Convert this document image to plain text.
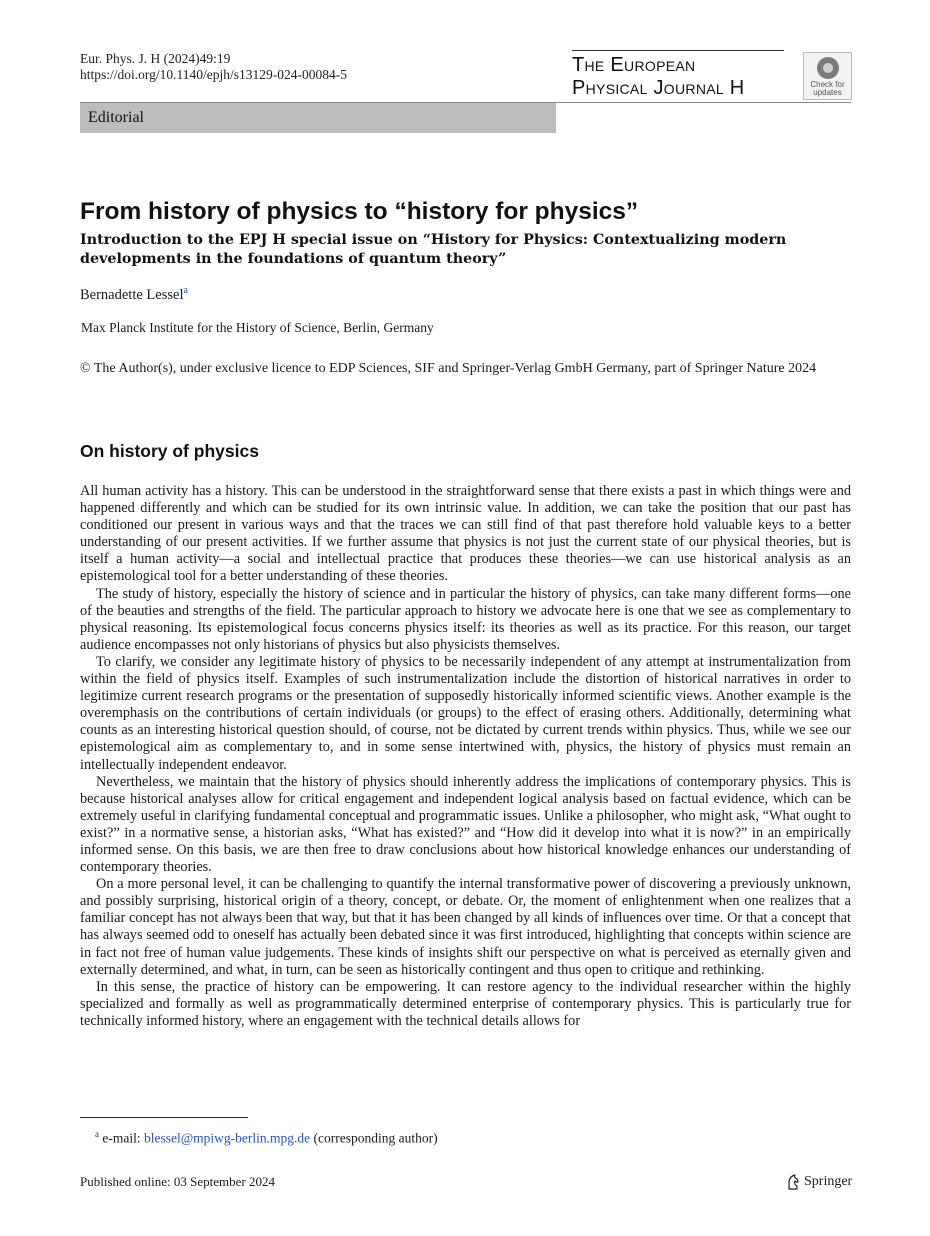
Eur. Phys. J. H (2024)49:19
https://doi.org/10.1140/epjh/s13129-024-00084-5	The European
Physical Journal H	Check for
updates
Editorial
From history of physics to “history for physics”
Introduction to the EPJ H special issue on “History for Physics: Contextualizing modern developments in the foundations of quantum theory”
Bernadette Lessel$^a$
Max Planck Institute for the History of Science, Berlin, Germany
© The Author(s), under exclusive licence to EDP Sciences, SIF and Springer-Verlag GmbH Germany, part of Springer Nature 2024
On history of physics

All human activity has a history. This can be understood in the straightforward sense that there exists a past in which things were and happened differently and which can be studied for its own intrinsic value. In addition, we can take the position that our past has conditioned our present in various ways and that the traces we can still find of that past therefore hold valuable keys to a better understanding of our present activities. If we further assume that physics is not just the current state of our physical theories, but is itself a human activity—a social and intellectual practice that produces these theories—we can use historical analysis as an epistemological tool for a better understanding of these theories.

The study of history, especially the history of science and in particular the history of physics, can take many different forms—one of the beauties and strengths of the field. The particular approach to history we advocate here is one that we see as complementary to physical reasoning. Its epistemological focus concerns physics itself: its theories as well as its practice. For this reason, our target audience encompasses not only historians of physics but also physicists themselves.

To clarify, we consider any legitimate history of physics to be necessarily independent of any attempt at instrumentalization from within the field of physics itself. Examples of such instrumentalization include the distortion of historical narratives in order to legitimize current research programs or the presentation of supposedly historically informed scientific views. Another example is the overemphasis on the contributions of certain individuals (or groups) to the effect of erasing others. Additionally, determining what counts as an interesting historical question should, of course, not be dictated by current trends within physics. Thus, while we see our epistemological aim as complementary to, and in some sense intertwined with, physics, the history of physics must remain an intellectually independent endeavor.

Nevertheless, we maintain that the history of physics should inherently address the implications of contemporary physics. This is because historical analyses allow for critical engagement and independent logical analysis based on factual evidence, which can be extremely useful in clarifying fundamental conceptual and programmatic issues. Unlike a philosopher, who might ask, “What ought to exist?” in a normative sense, a historian asks, “What has existed?” and “How did it develop into what it is now?” in an empirically informed sense. On this basis, we are then free to draw conclusions about how historical knowledge enhances our understanding of contemporary theories.

On a more personal level, it can be challenging to quantify the internal transformative power of discovering a previously unknown, and possibly surprising, historical origin of a theory, concept, or debate. Or, the moment of enlightenment when one realizes that a familiar concept has not always been that way, but that it has been changed by all kinds of influences over time. Or that a concept that has always seemed odd to oneself has actually been debated since it was first introduced, highlighting that concepts within science are in fact not free of human value judgements. These kinds of insights shift our perspective on what is perceived as eternally given and externally determined, and what, in turn, can be seen as historically contingent and thus open to critique and rethinking.

In this sense, the practice of history can be empowering. It can restore agency to the individual researcher within the highly specialized and formally as well as programmatically determined enterprise of contemporary physics. This is particularly true for technically informed history, where an engagement with the technical details allows for

$^a$ e-mail: blessel@mpiwg-berlin.mpg.de (corresponding author)
Published online: 03 September 2024	Springer
